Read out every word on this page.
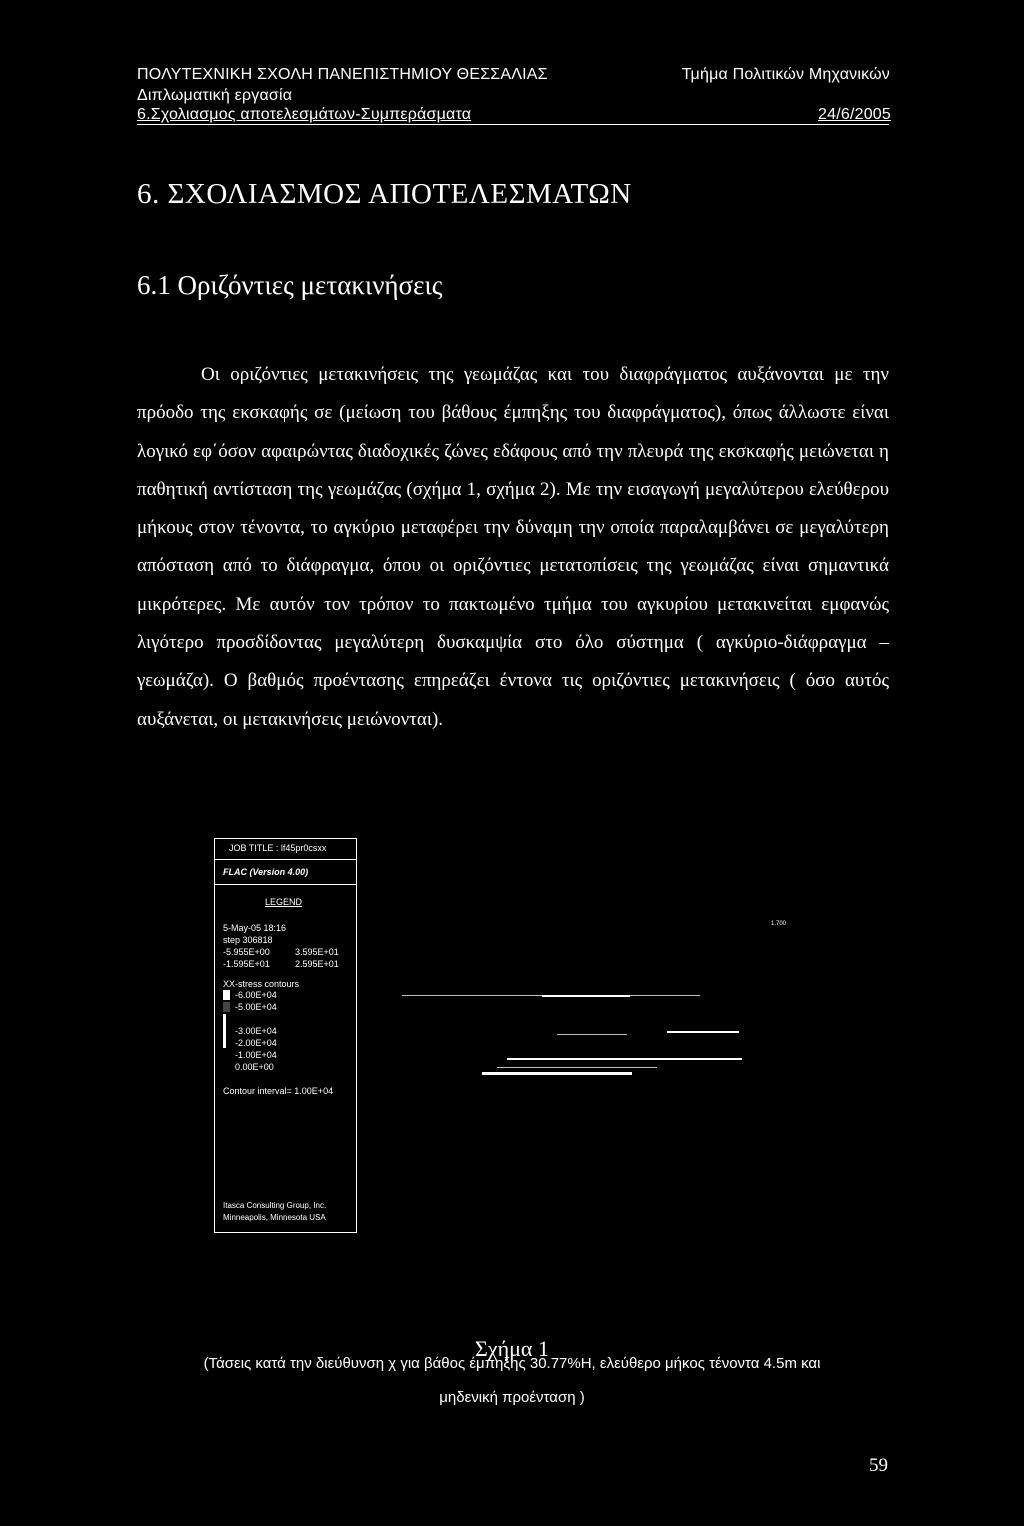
ΠΟΛΥΤΕΧΝΙΚΗ ΣΧΟΛΗ ΠΑΝΕΠΙΣΤΗΜΙΟΥ ΘΕΣΣΑΛΙΑΣ	Τμήμα Πολιτικών Μηχανικών
Διπλωματική εργασία
6.Σχολιασμος αποτελεσμάτων-Συμπεράσματα	24/6/2005
6. ΣΧΟΛΙΑΣΜΟΣ ΑΠΟΤΕΛΕΣΜΑΤΩΝ
6.1 Οριζόντιες μετακινήσεις
Οι οριζόντιες μετακινήσεις της γεωμάζας και του διαφράγματος αυξάνονται με την πρόοδο της εκσκαφής σε (μείωση του βάθους έμπηξης του διαφράγματος), όπως άλλωστε είναι λογικό εφ΄όσον αφαιρώντας διαδοχικές ζώνες εδάφους από την πλευρά της εκσκαφής μειώνεται η παθητική αντίσταση της γεωμάζας (σχήμα 1, σχήμα 2). Με την εισαγωγή μεγαλύτερου ελεύθερου μήκους στον τένοντα, το αγκύριο μεταφέρει την δύναμη την οποία παραλαμβάνει σε μεγαλύτερη απόσταση από το διάφραγμα, όπου οι οριζόντιες μετατοπίσεις της γεωμάζας είναι σημαντικά μικρότερες. Με αυτόν τον τρόπον το πακτωμένο τμήμα του αγκυρίου μετακινείται εμφανώς λιγότερο προσδίδοντας μεγαλύτερη δυσκαμψία στο όλο σύστημα ( αγκύριο-διάφραγμα –γεωμάζα). Ο βαθμός προέντασης επηρεάζει έντονα τις οριζόντιες μετακινήσεις ( όσο αυτός αυξάνεται, οι μετακινήσεις μειώνονται).
JOB TITLE : lf45pr0csxx
FLAC (Version 4.00)
LEGEND
5-May-05 18:16
step 306818
-5.955E+00	3.595E+01
-1.595E+01	2.595E+01
XX-stress contours
-6.00E+04
-5.00E+04
-3.00E+04
-2.00E+04
-1.00E+04
0.00E+00
Contour interval= 1.00E+04
Itasca Consulting Group, Inc.
Minneapolis, Minnesota USA
1.700
Σχήμα 1
(Τάσεις κατά την διεύθυνση χ για βάθος έμπηξης 30.77%Η, ελεύθερο μήκος τένοντα 4.5m και
μηδενική προένταση )
59
